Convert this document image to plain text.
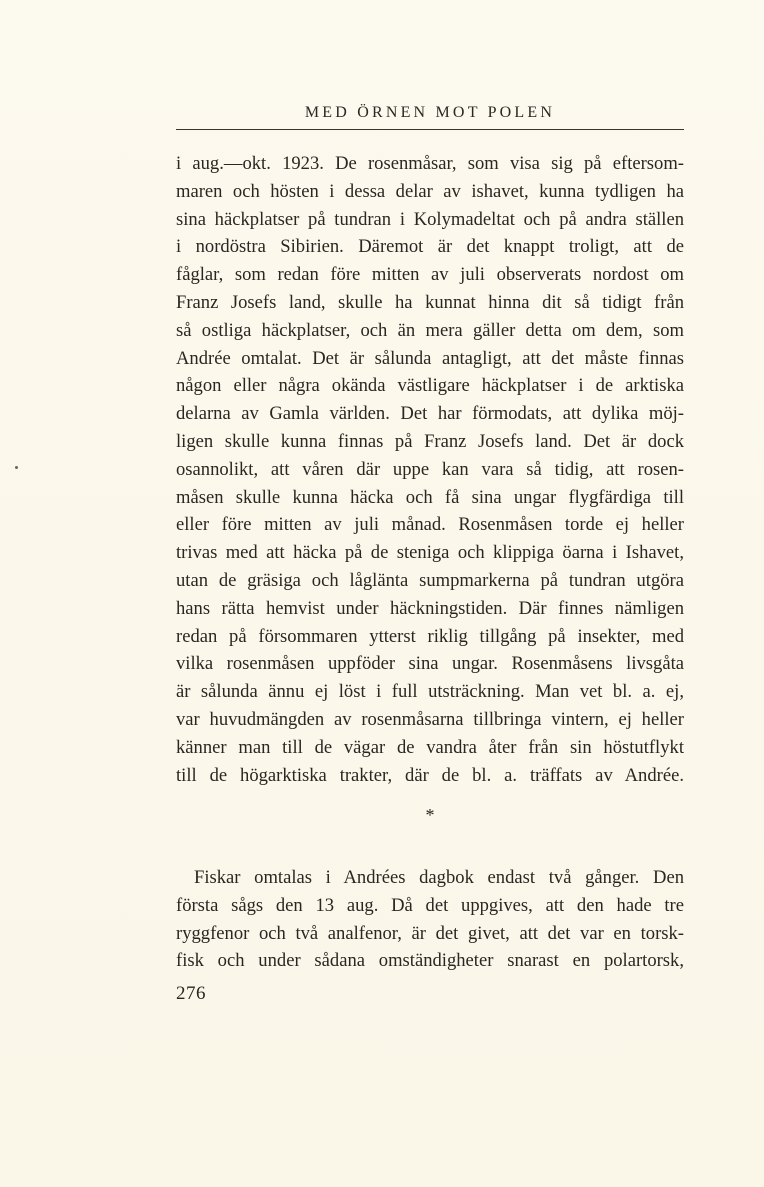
MED ÖRNEN MOT POLEN
i aug.—okt. 1923. De rosenmåsar, som visa sig på eftersom-
maren och hösten i dessa delar av ishavet, kunna tydligen ha
sina häckplatser på tundran i Kolymadeltat och på andra ställen
i nordöstra Sibirien. Däremot är det knappt troligt, att de
fåglar, som redan före mitten av juli observerats nordost om
Franz Josefs land, skulle ha kunnat hinna dit så tidigt från
så ostliga häckplatser, och än mera gäller detta om dem, som
Andrée omtalat. Det är sålunda antagligt, att det måste finnas
någon eller några okända västligare häckplatser i de arktiska
delarna av Gamla världen. Det har förmodats, att dylika möj-
ligen skulle kunna finnas på Franz Josefs land. Det är dock
osannolikt, att våren där uppe kan vara så tidig, att rosen-
måsen skulle kunna häcka och få sina ungar flygfärdiga till
eller före mitten av juli månad. Rosenmåsen torde ej heller
trivas med att häcka på de steniga och klippiga öarna i Ishavet,
utan de gräsiga och låglänta sumpmarkerna på tundran utgöra
hans rätta hemvist under häckningstiden. Där finnes nämligen
redan på försommaren ytterst riklig tillgång på insekter, med
vilka rosenmåsen uppföder sina ungar. Rosenmåsens livsgåta
är sålunda ännu ej löst i full utsträckning. Man vet bl. a. ej,
var huvudmängden av rosenmåsarna tillbringa vintern, ej heller
känner man till de vägar de vandra åter från sin höstutflykt
till de högarktiska trakter, där de bl. a. träffats av Andrée.
*
Fiskar omtalas i Andrées dagbok endast två gånger. Den
första sågs den 13 aug. Då det uppgives, att den hade tre
ryggfenor och två analfenor, är det givet, att det var en torsk-
fisk och under sådana omständigheter snarast en polartorsk,
276
